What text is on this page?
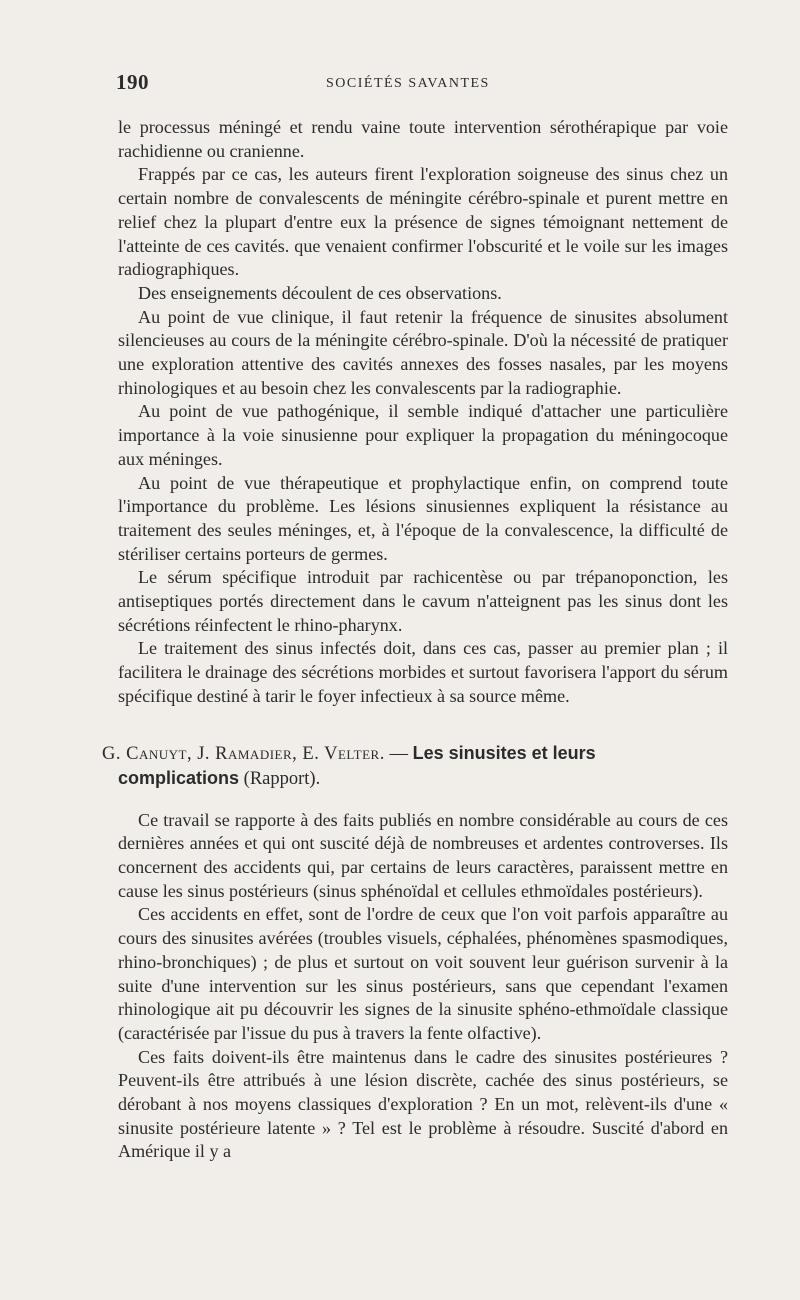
190	SOCIÉTÉS SAVANTES

le processus méningé et rendu vaine toute intervention sérothérapique par voie rachidienne ou cranienne.

Frappés par ce cas, les auteurs firent l'exploration soigneuse des sinus chez un certain nombre de convalescents de méningite cérébro-spinale et purent mettre en relief chez la plupart d'entre eux la présence de signes témoignant nettement de l'atteinte de ces cavités. que venaient confirmer l'obscurité et le voile sur les images radiographiques.

Des enseignements découlent de ces observations.

Au point de vue clinique, il faut retenir la fréquence de sinusites absolument silencieuses au cours de la méningite cérébro-spinale. D'où la nécessité de pratiquer une exploration attentive des cavités annexes des fosses nasales, par les moyens rhinologiques et au besoin chez les convalescents par la radiographie.

Au point de vue pathogénique, il semble indiqué d'attacher une particulière importance à la voie sinusienne pour expliquer la propagation du méningocoque aux méninges.

Au point de vue thérapeutique et prophylactique enfin, on comprend toute l'importance du problème. Les lésions sinusiennes expliquent la résistance au traitement des seules méninges, et, à l'époque de la convalescence, la difficulté de stériliser certains porteurs de germes.

Le sérum spécifique introduit par rachicentèse ou par trépanoponction, les antiseptiques portés directement dans le cavum n'atteignent pas les sinus dont les sécrétions réinfectent le rhino-pharynx.

Le traitement des sinus infectés doit, dans ces cas, passer au premier plan ; il facilitera le drainage des sécrétions morbides et surtout favorisera l'apport du sérum spécifique destiné à tarir le foyer infectieux à sa source même.

G. Canuyt, J. Ramadier, E. Velter. — Les sinusites et leurs
complications (Rapport).

Ce travail se rapporte à des faits publiés en nombre considérable au cours de ces dernières années et qui ont suscité déjà de nombreuses et ardentes controverses. Ils concernent des accidents qui, par certains de leurs caractères, paraissent mettre en cause les sinus postérieurs (sinus sphénoïdal et cellules ethmoïdales postérieurs).

Ces accidents en effet, sont de l'ordre de ceux que l'on voit parfois apparaître au cours des sinusites avérées (troubles visuels, céphalées, phénomènes spasmodiques, rhino-bronchiques) ; de plus et surtout on voit souvent leur guérison survenir à la suite d'une intervention sur les sinus postérieurs, sans que cependant l'examen rhinologique ait pu découvrir les signes de la sinusite sphéno-ethmoïdale classique (caractérisée par l'issue du pus à travers la fente olfactive).

Ces faits doivent-ils être maintenus dans le cadre des sinusites postérieures ? Peuvent-ils être attribués à une lésion discrète, cachée des sinus postérieurs, se dérobant à nos moyens classiques d'exploration ? En un mot, relèvent-ils d'une « sinusite postérieure latente » ? Tel est le problème à résoudre. Suscité d'abord en Amérique il y a
